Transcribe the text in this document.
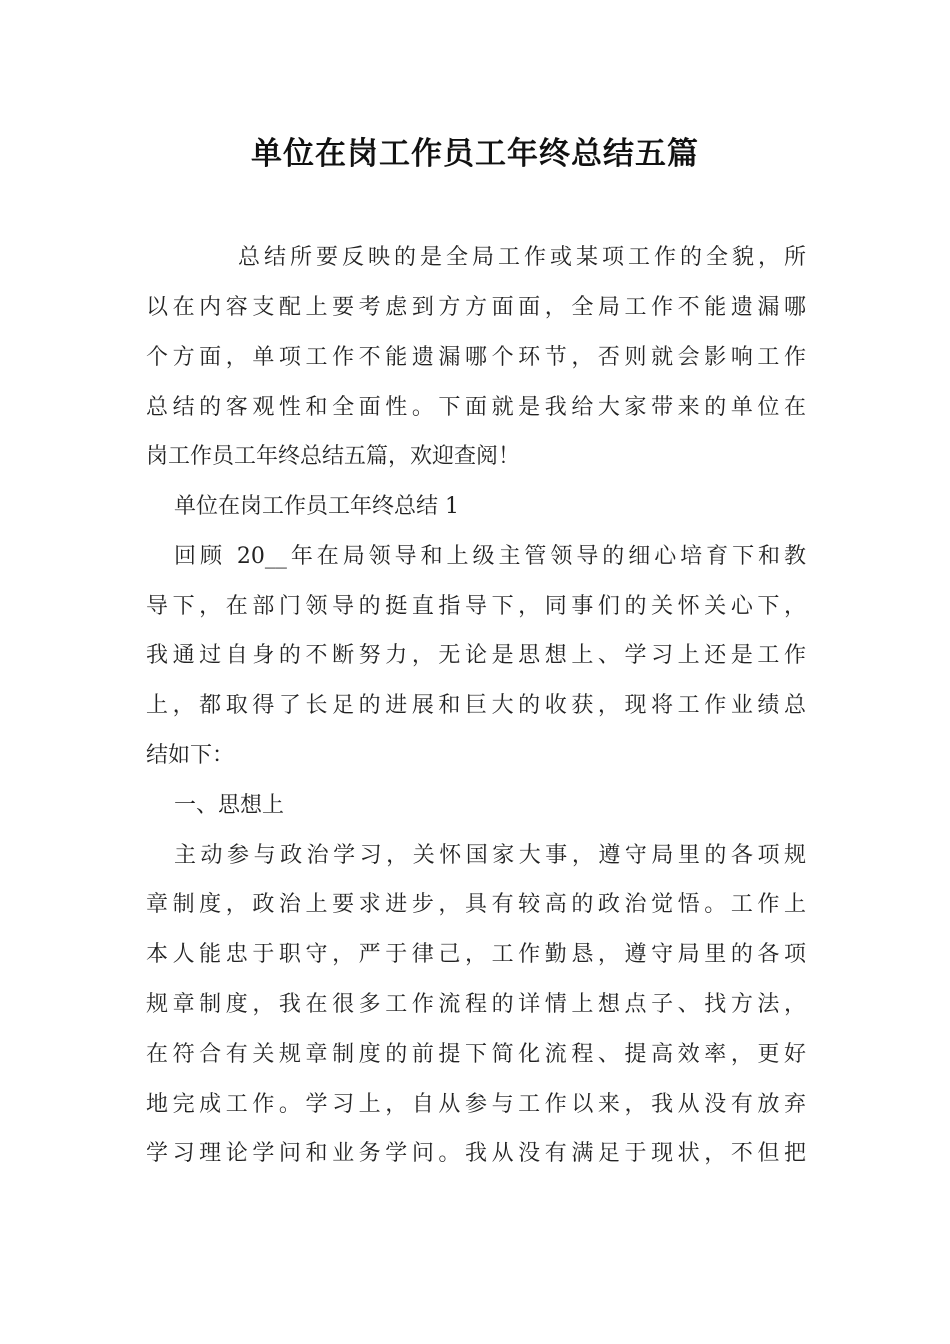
单位在岗工作员工年终总结五篇
总结所要反映的是全局工作或某项工作的全貌，所
以在内容支配上要考虑到方方面面，全局工作不能遗漏哪
个方面，单项工作不能遗漏哪个环节，否则就会影响工作
总结的客观性和全面性。下面就是我给大家带来的单位在
岗工作员工年终总结五篇，欢迎查阅！
单位在岗工作员工年终总结 1
回顾 20__年在局领导和上级主管领导的细心培育下和教
导下，在部门领导的挺直指导下，同事们的关怀关心下，
我通过自身的不断努力，无论是思想上、学习上还是工作
上，都取得了长足的进展和巨大的收获，现将工作业绩总
结如下：
一、思想上
主动参与政治学习，关怀国家大事，遵守局里的各项规
章制度，政治上要求进步，具有较高的政治觉悟。工作上
本人能忠于职守，严于律己，工作勤恳，遵守局里的各项
规章制度，我在很多工作流程的详情上想点子、找方法，
在符合有关规章制度的前提下简化流程、提高效率，更好
地完成工作。学习上，自从参与工作以来，我从没有放弃
学习理论学问和业务学问。我从没有满足于现状，不但把
